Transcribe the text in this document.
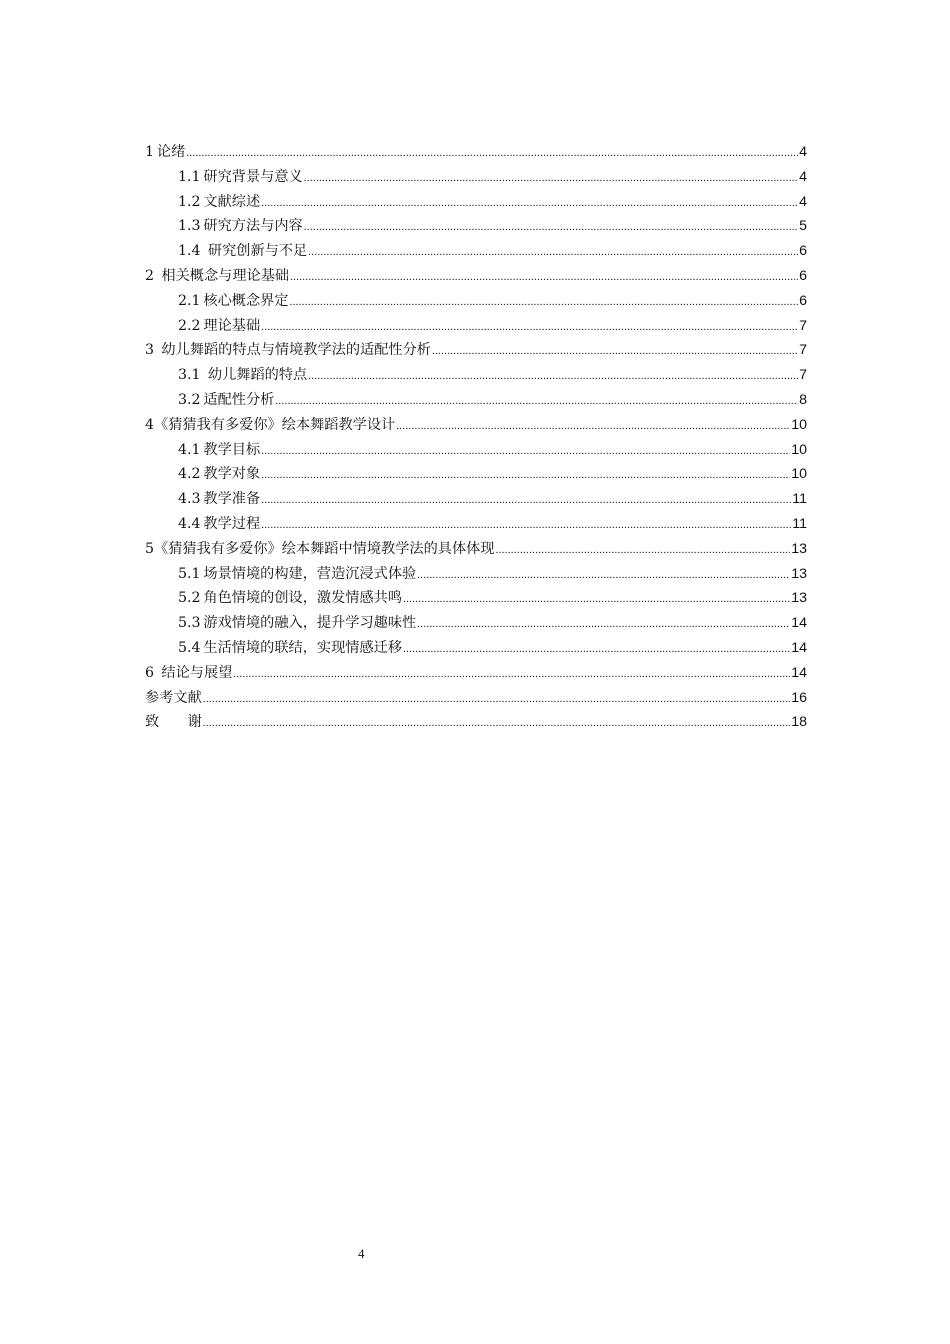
1  论绪 .....	4
1.1  研究背景与意义 .....	4
1.2  文献综述 .....	4
1.3  研究方法与内容 .....	5
1.4  研究创新与不足 .....	6
2  相关概念与理论基础 .....	6
2.1  核心概念界定 .....	6
2.2  理论基础 .....	7
3  幼儿舞蹈的特点与情境教学法的适配性分析 .....	7
3.1  幼儿舞蹈的特点 .....	7
3.2  适配性分析 .....	8
4《猜猜我有多爱你》绘本舞蹈教学设计 .....	10
4.1  教学目标 .....	10
4.2  教学对象 .....	10
4.3  教学准备 .....	11
4.4  教学过程 .....	11
5《猜猜我有多爱你》绘本舞蹈中情境教学法的具体体现 .....	13
5.1  场景情境的构建，营造沉浸式体验 .....	13
5.2  角色情境的创设，激发情感共鸣 .....	13
5.3  游戏情境的融入，提升学习趣味性 .....	14
5.4  生活情境的联结，实现情感迁移 .....	14
6  结论与展望 .....	14
参考文献 .....	16
致　　谢 .....	18
4
